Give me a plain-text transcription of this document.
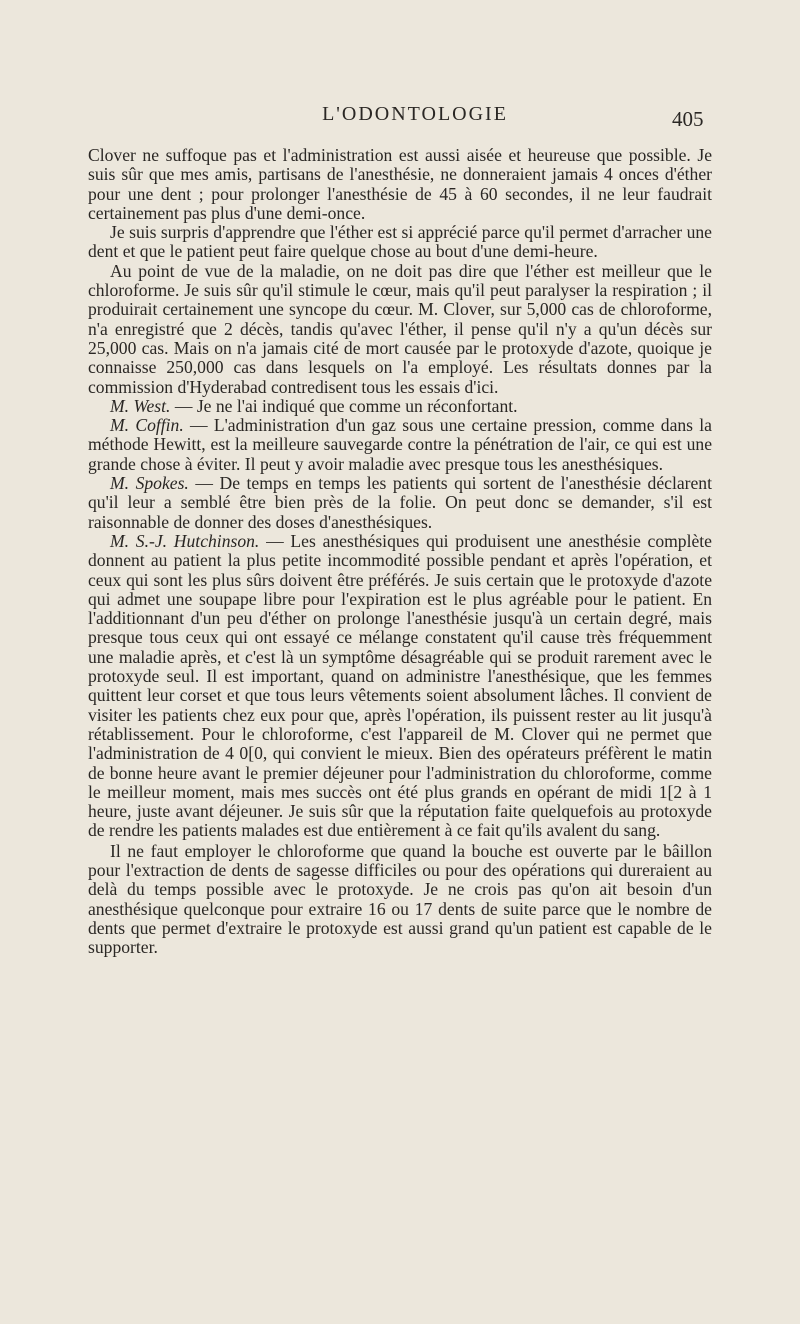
L'ODONTOLOGIE	405

Clover ne suffoque pas et l'administration est aussi aisée et heureuse que possible. Je suis sûr que mes amis, partisans de l'anesthésie, ne donneraient jamais 4 onces d'éther pour une dent ; pour prolonger l'anesthésie de 45 à 60 secondes, il ne leur faudrait certainement pas plus d'une demi-once.

Je suis surpris d'apprendre que l'éther est si apprécié parce qu'il permet d'arracher une dent et que le patient peut faire quelque chose au bout d'une demi-heure.

Au point de vue de la maladie, on ne doit pas dire que l'éther est meilleur que le chloroforme. Je suis sûr qu'il stimule le cœur, mais qu'il peut paralyser la respiration ; il produirait certainement une syncope du cœur. M. Clover, sur 5,000 cas de chloroforme, n'a enregistré que 2 décès, tandis qu'avec l'éther, il pense qu'il n'y a qu'un décès sur 25,000 cas. Mais on n'a jamais cité de mort causée par le protoxyde d'azote, quoique je connaisse 250,000 cas dans lesquels on l'a employé. Les résultats donnes par la commission d'Hyderabad contredisent tous les essais d'ici.

M. West. — Je ne l'ai indiqué que comme un réconfortant.

M. Coffin. — L'administration d'un gaz sous une certaine pression, comme dans la méthode Hewitt, est la meilleure sauvegarde contre la pénétration de l'air, ce qui est une grande chose à éviter. Il peut y avoir maladie avec presque tous les anesthésiques.

M. Spokes. — De temps en temps les patients qui sortent de l'anesthésie déclarent qu'il leur a semblé être bien près de la folie. On peut donc se demander, s'il est raisonnable de donner des doses d'anesthésiques.

M. S.-J. Hutchinson. — Les anesthésiques qui produisent une anesthésie complète donnent au patient la plus petite incommodité possible pendant et après l'opération, et ceux qui sont les plus sûrs doivent être préférés. Je suis certain que le protoxyde d'azote qui admet une soupape libre pour l'expiration est le plus agréable pour le patient. En l'additionnant d'un peu d'éther on prolonge l'anesthésie jusqu'à un certain degré, mais presque tous ceux qui ont essayé ce mélange constatent qu'il cause très fréquemment une maladie après, et c'est là un symptôme désagréable qui se produit rarement avec le protoxyde seul. Il est important, quand on administre l'anesthésique, que les femmes quittent leur corset et que tous leurs vêtements soient absolument lâches. Il convient de visiter les patients chez eux pour que, après l'opération, ils puissent rester au lit jusqu'à rétablissement. Pour le chloroforme, c'est l'appareil de M. Clover qui ne permet que l'administration de 4 0[0, qui convient le mieux. Bien des opérateurs préfèrent le matin de bonne heure avant le premier déjeuner pour l'administration du chloroforme, comme le meilleur moment, mais mes succès ont été plus grands en opérant de midi 1[2 à 1 heure, juste avant déjeuner. Je suis sûr que la réputation faite quelquefois au protoxyde de rendre les patients malades est due entièrement à ce fait qu'ils avalent du sang.

Il ne faut employer le chloroforme que quand la bouche est ouverte par le bâillon pour l'extraction de dents de sagesse difficiles ou pour des opérations qui dureraient au delà du temps possible avec le protoxyde. Je ne crois pas qu'on ait besoin d'un anesthésique quelconque pour extraire 16 ou 17 dents de suite parce que le nombre de dents que permet d'extraire le protoxyde est aussi grand qu'un patient est capable de le supporter.
